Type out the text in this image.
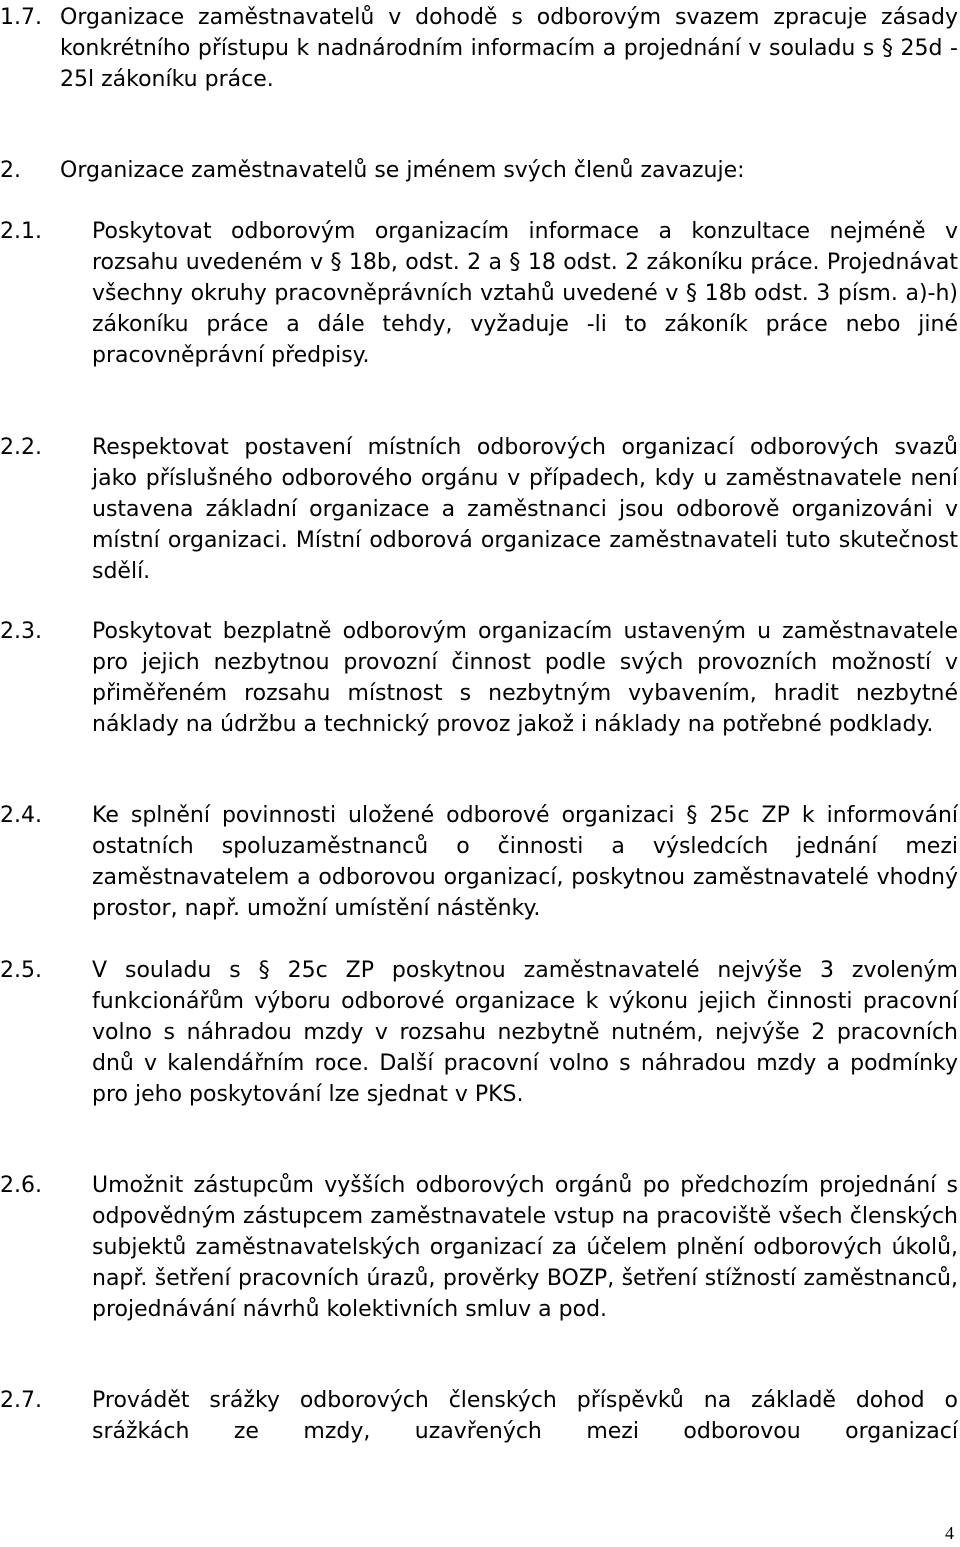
1.7. Organizace zaměstnavatelů v dohodě s odborovým svazem zpracuje zásady konkrétního přístupu k nadnárodním informacím a projednání v souladu s § 25d - 25l zákoníku práce.
2. Organizace zaměstnavatelů se jménem svých členů zavazuje:
2.1. Poskytovat odborovým organizacím informace a konzultace nejméně v rozsahu uvedeném v § 18b, odst. 2 a § 18 odst. 2 zákoníku práce. Projednávat všechny okruhy pracovněprávních vztahů uvedené v § 18b odst. 3 písm. a)-h) zákoníku práce a dále tehdy, vyžaduje -li to zákoník práce nebo jiné pracovněprávní předpisy.
2.2. Respektovat postavení místních odborových organizací odborových svazů jako příslušného odborového orgánu v případech, kdy u zaměstnavatele není ustavena základní organizace a zaměstnanci jsou odborově organizováni v místní organizaci. Místní odborová organizace zaměstnavateli tuto skutečnost sdělí.
2.3. Poskytovat bezplatně odborovým organizacím ustaveným u zaměstnavatele pro jejich nezbytnou provozní činnost podle svých provozních možností v přiměřeném rozsahu místnost s nezbytným vybavením, hradit nezbytné náklady na údržbu a technický provoz jakož i náklady na potřebné podklady.
2.4. Ke splnění povinnosti uložené odborové organizaci § 25c ZP k informování ostatních spoluzaměstnanců o činnosti a výsledcích jednání mezi zaměstnavatelem a odborovou organizací, poskytnou zaměstnavatelé vhodný prostor, např. umožní umístění nástěnky.
2.5. V souladu s § 25c ZP poskytnou zaměstnavatelé nejvýše 3 zvoleným funkcionářům výboru odborové organizace k výkonu jejich činnosti pracovní volno s náhradou mzdy v rozsahu nezbytně nutném, nejvýše 2 pracovních dnů v kalendářním roce. Další pracovní volno s náhradou mzdy a podmínky pro jeho poskytování lze sjednat v PKS.
2.6. Umožnit zástupcům vyšších odborových orgánů po předchozím projednání s odpovědným zástupcem zaměstnavatele vstup na pracoviště všech členských subjektů zaměstnavatelských organizací za účelem plnění odborových úkolů, např. šetření pracovních úrazů, prověrky BOZP, šetření stížností zaměstnanců, projednávání návrhů kolektivních smluv a pod.
2.7. Provádět srážky odborových členských příspěvků na základě dohod o srážkách ze mzdy, uzavřených mezi odborovou organizací
4
